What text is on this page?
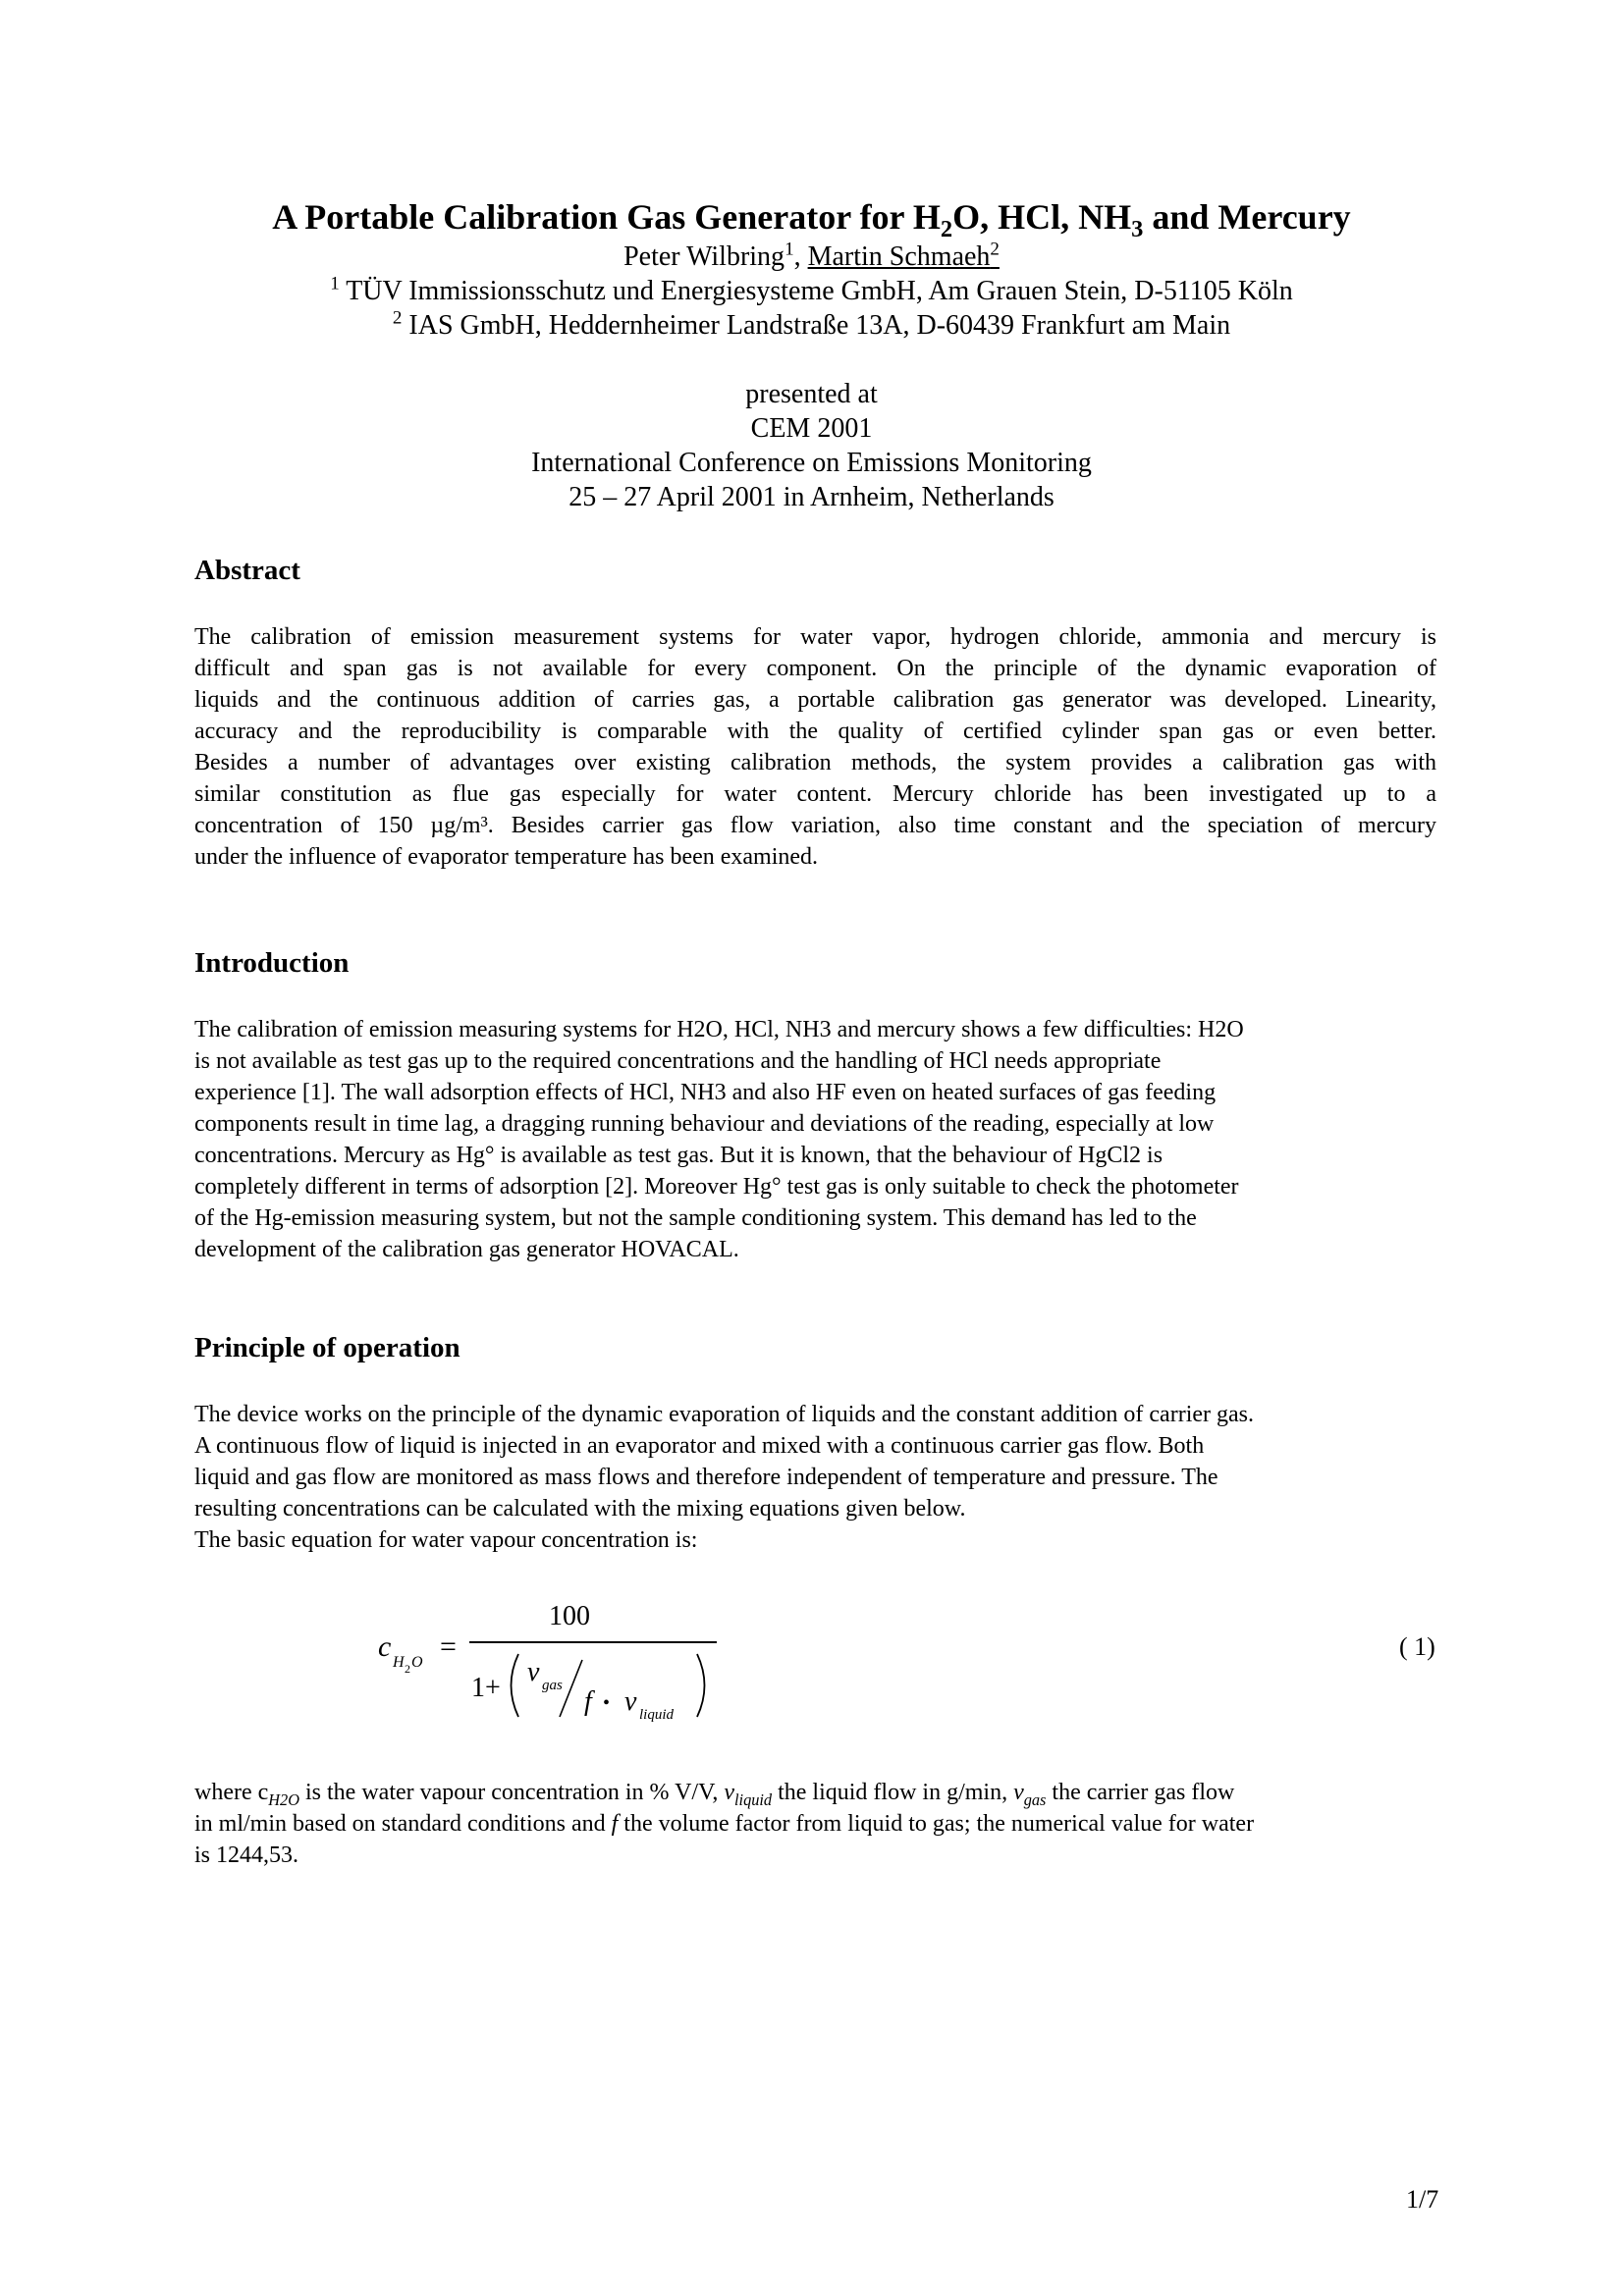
A Portable Calibration Gas Generator for $H_2O$, HCl, $NH_3$ and Mercury

Peter Wilbring$^1$, Martin Schmaeh$^2$

$^1$ TÜV Immissionsschutz und Energiesysteme GmbH, Am Grauen Stein, D-51105 Köln

$^2$ IAS GmbH, Heddernheimer Landstraße 13A, D-60439 Frankfurt am Main

presented at

CEM 2001

International Conference on Emissions Monitoring

25 – 27 April 2001 in Arnheim, Netherlands

Abstract
The calibration of emission measurement systems for water vapor, hydrogen chloride, ammonia and mercury is
difficult and span gas is not available for every component. On the principle of the dynamic evaporation of
liquids and the continuous addition of carries gas, a portable calibration gas generator was developed. Linearity,
accuracy and the reproducibility is comparable with the quality of certified cylinder span gas or even better.
Besides a number of advantages over existing calibration methods, the system provides a calibration gas with
similar constitution as flue gas especially for water content. Mercury chloride has been investigated up to a
concentration of 150 µg/m³. Besides carrier gas flow variation, also time constant and the speciation of mercury
under the influence of evaporator temperature has been examined.
Introduction
The calibration of emission measuring systems for H2O, HCl, NH3 and mercury shows a few difficulties: H2O
is not available as test gas up to the required concentrations and the handling of HCl needs appropriate
experience [1]. The wall adsorption effects of HCl, NH3 and also HF even on heated surfaces of gas feeding
components result in time lag, a dragging running behaviour and deviations of the reading, especially at low
concentrations. Mercury as Hg° is available as test gas. But it is known, that the behaviour of HgCl2 is
completely different in terms of adsorption [2]. Moreover Hg° test gas is only suitable to check the photometer
of the Hg-emission measuring system, but not the sample conditioning system. This demand has led to the
development of the calibration gas generator HOVACAL.
Principle of operation
The device works on the principle of the dynamic evaporation of liquids and the constant addition of carrier gas.
A continuous flow of liquid is injected in an evaporator and mixed with a continuous carrier gas flow. Both
liquid and gas flow are monitored as mass flows and therefore independent of temperature and pressure. The
resulting concentrations can be calculated with the mixing equations given below.
The basic equation for water vapour concentration is:
c H 2 O =
100
1+
v gas
f • v liquid
( 1)
where $c_{H2O}$ is the water vapour concentration in % V/V, $v_{liquid}$ the liquid flow in g/min, $v_{gas}$ the carrier gas flow
in ml/min based on standard conditions and f the volume factor from liquid to gas; the numerical value for water
is 1244,53.
1/7
